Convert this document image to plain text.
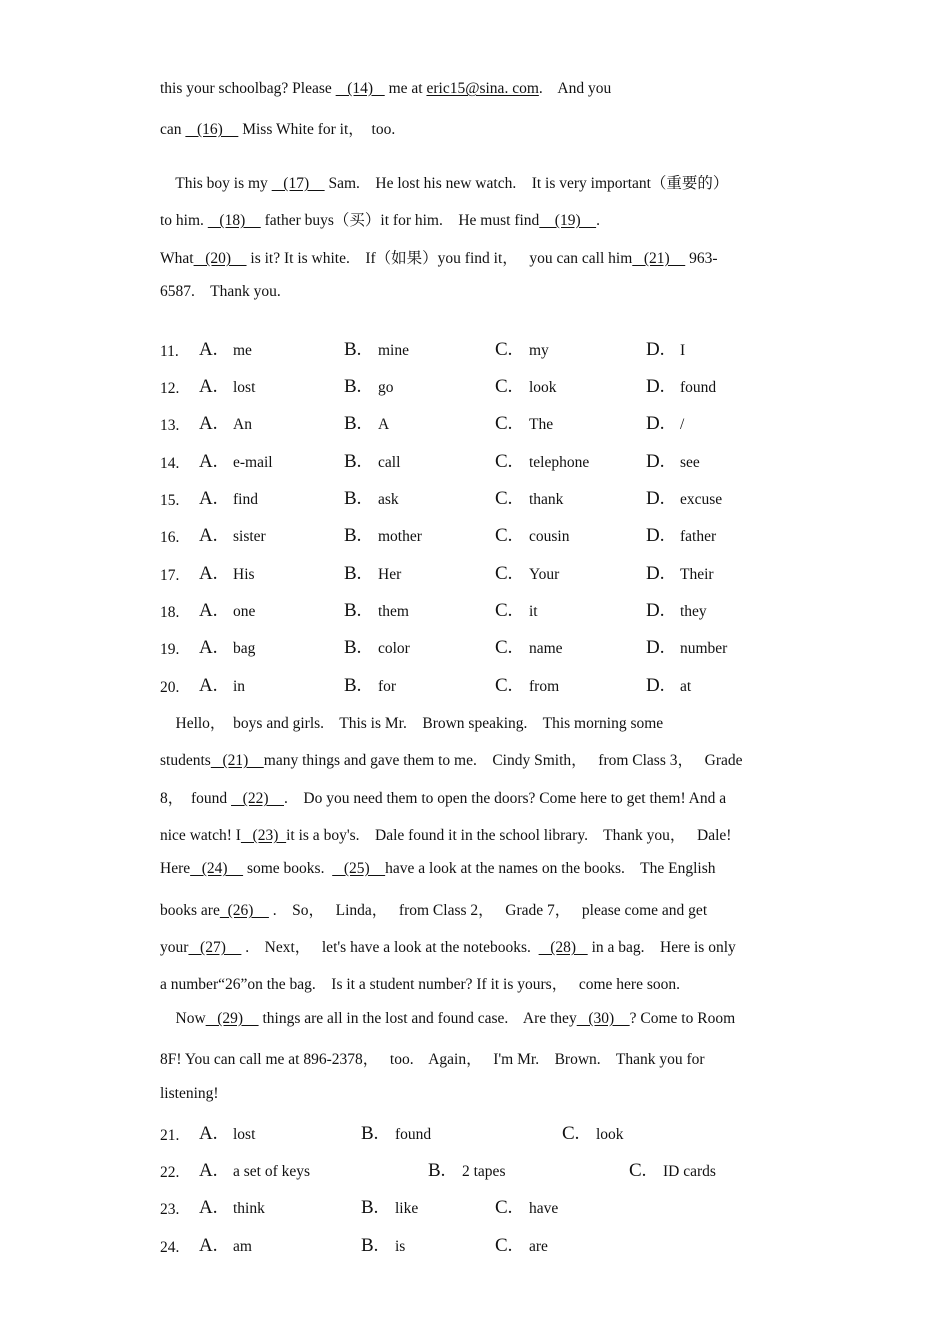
this your schoolbag? Please    (14)    me at eric15@sina. com.    And you
can    (16)     Miss White for it，  too.
This boy is my    (17)     Sam.    He lost his new watch.    It is very important（重要的）
to him.    (18)     father buys（买）it for him.    He must find    (19)    .
What   (20)     is it? It is white.    If（如果）you find it，   you can call him   (21)     963-
6587.    Thank you.
11. A. me	B. mine	C. my	D. I
12. A. lost	B. go	C. look	D. found
13. A. An	B. A	C. The	D. /
14. A. e-mail	B. call	C. telephone	D. see
15. A. find	B. ask	C. thank	D. excuse
16. A. sister	B. mother	C. cousin	D. father
17. A. His	B. Her	C. Your	D. Their
18. A. one	B. them	C. it	D. they
19. A. bag	B. color	C. name	D. number
20. A. in	B. for	C. from	D. at
Hello，  boys and girls.    This is Mr.    Brown speaking.    This morning some
students   (21)    many things and gave them to me.    Cindy Smith，   from Class 3，   Grade
8，  found    (22)    .    Do you need them to open the doors? Come here to get them! And a
nice watch! I   (23)  it is a boy's.    Dale found it in the school library.    Thank you，   Dale!
Here   (24)     some books.     (25)    have a look at the names on the books.    The English
books are  (26)     .    So，   Linda，   from Class 2，   Grade 7，   please come and get
your   (27)     .    Next，   let's have a look at the notebooks.     (28)    in a bag.    Here is only
a number“26”on the bag.    Is it a student number? If it is yours，   come here soon.
Now   (29)     things are all in the lost and found case.    Are they   (30)    ? Come to Room
8F! You can call me at 896-2378，   too.    Again，   I'm Mr.    Brown.    Thank you for
listening!
21. A. lost	B. found	C. look
22. A. a set of keys	B. 2 tapes	C. ID cards
23. A. think	B. like	C. have
24. A. am	B. is	C. are
